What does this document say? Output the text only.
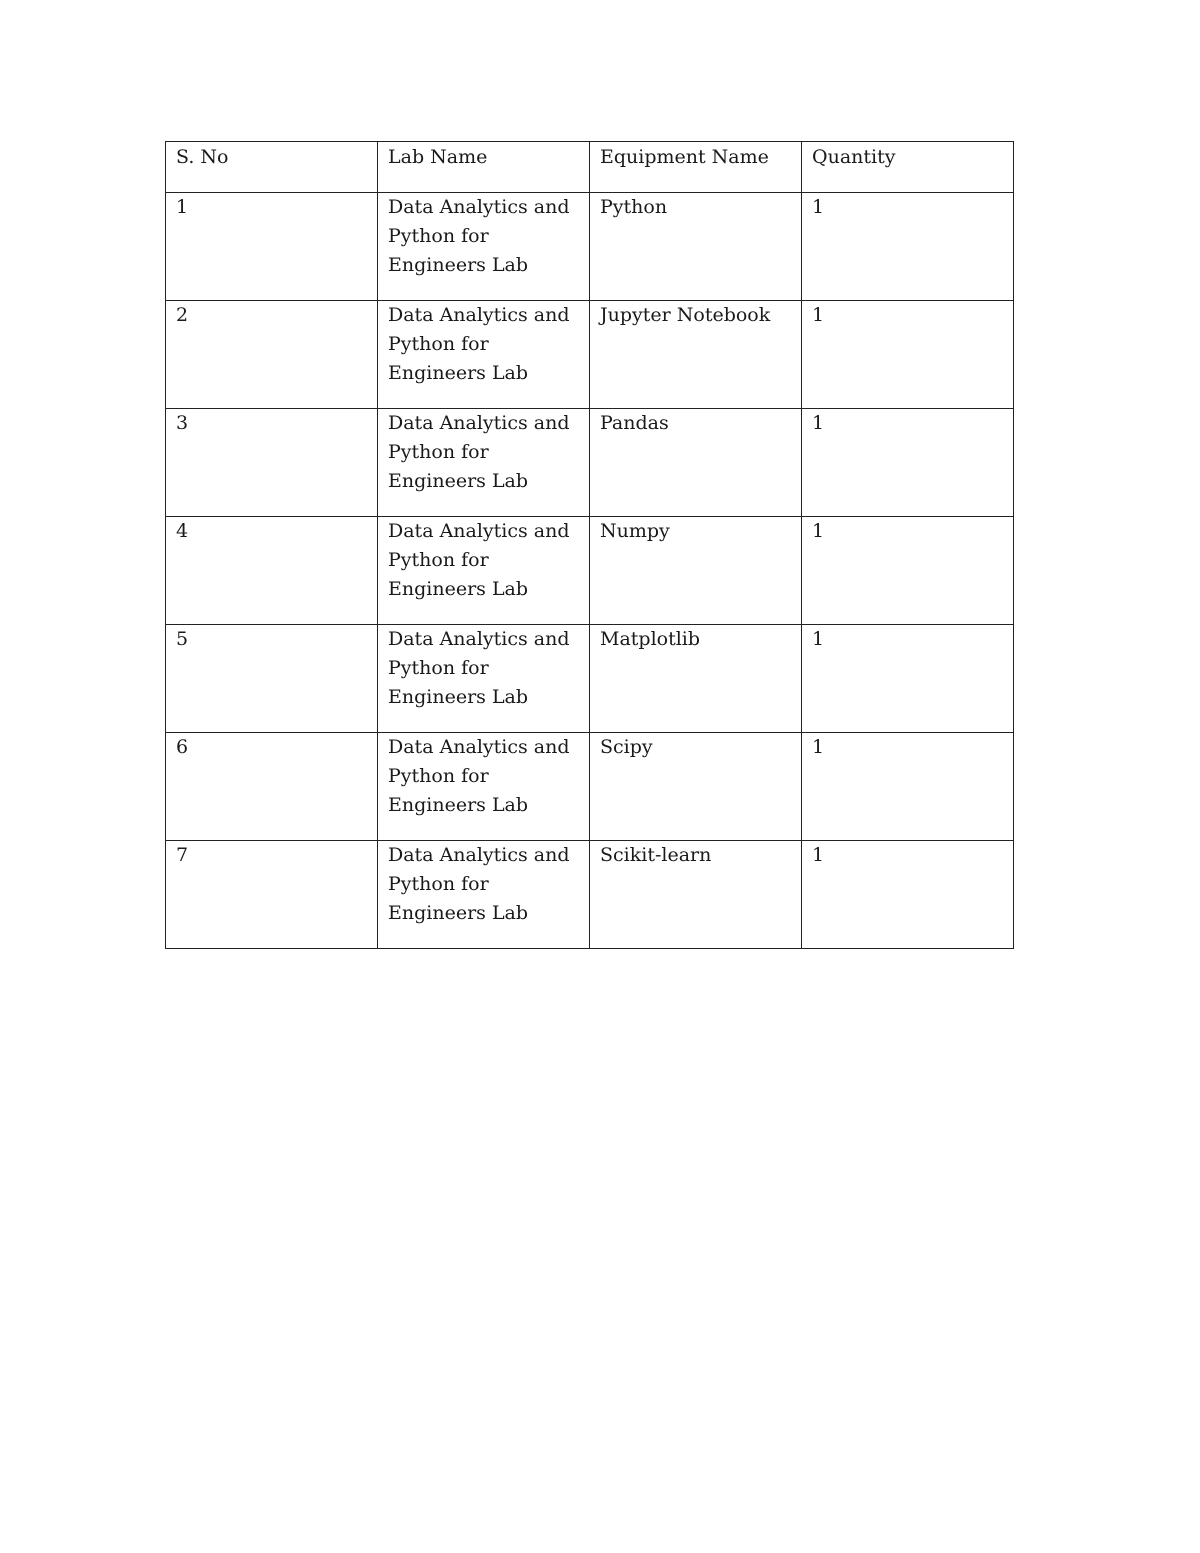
S. No	Lab Name	Equipment Name	Quantity
1	Data Analytics and Python for Engineers Lab	Python	1
2	Data Analytics and Python for Engineers Lab	Jupyter Notebook	1
3	Data Analytics and Python for Engineers Lab	Pandas	1
4	Data Analytics and Python for Engineers Lab	Numpy	1
5	Data Analytics and Python for Engineers Lab	Matplotlib	1
6	Data Analytics and Python for Engineers Lab	Scipy	1
7	Data Analytics and Python for Engineers Lab	Scikit-learn	1
